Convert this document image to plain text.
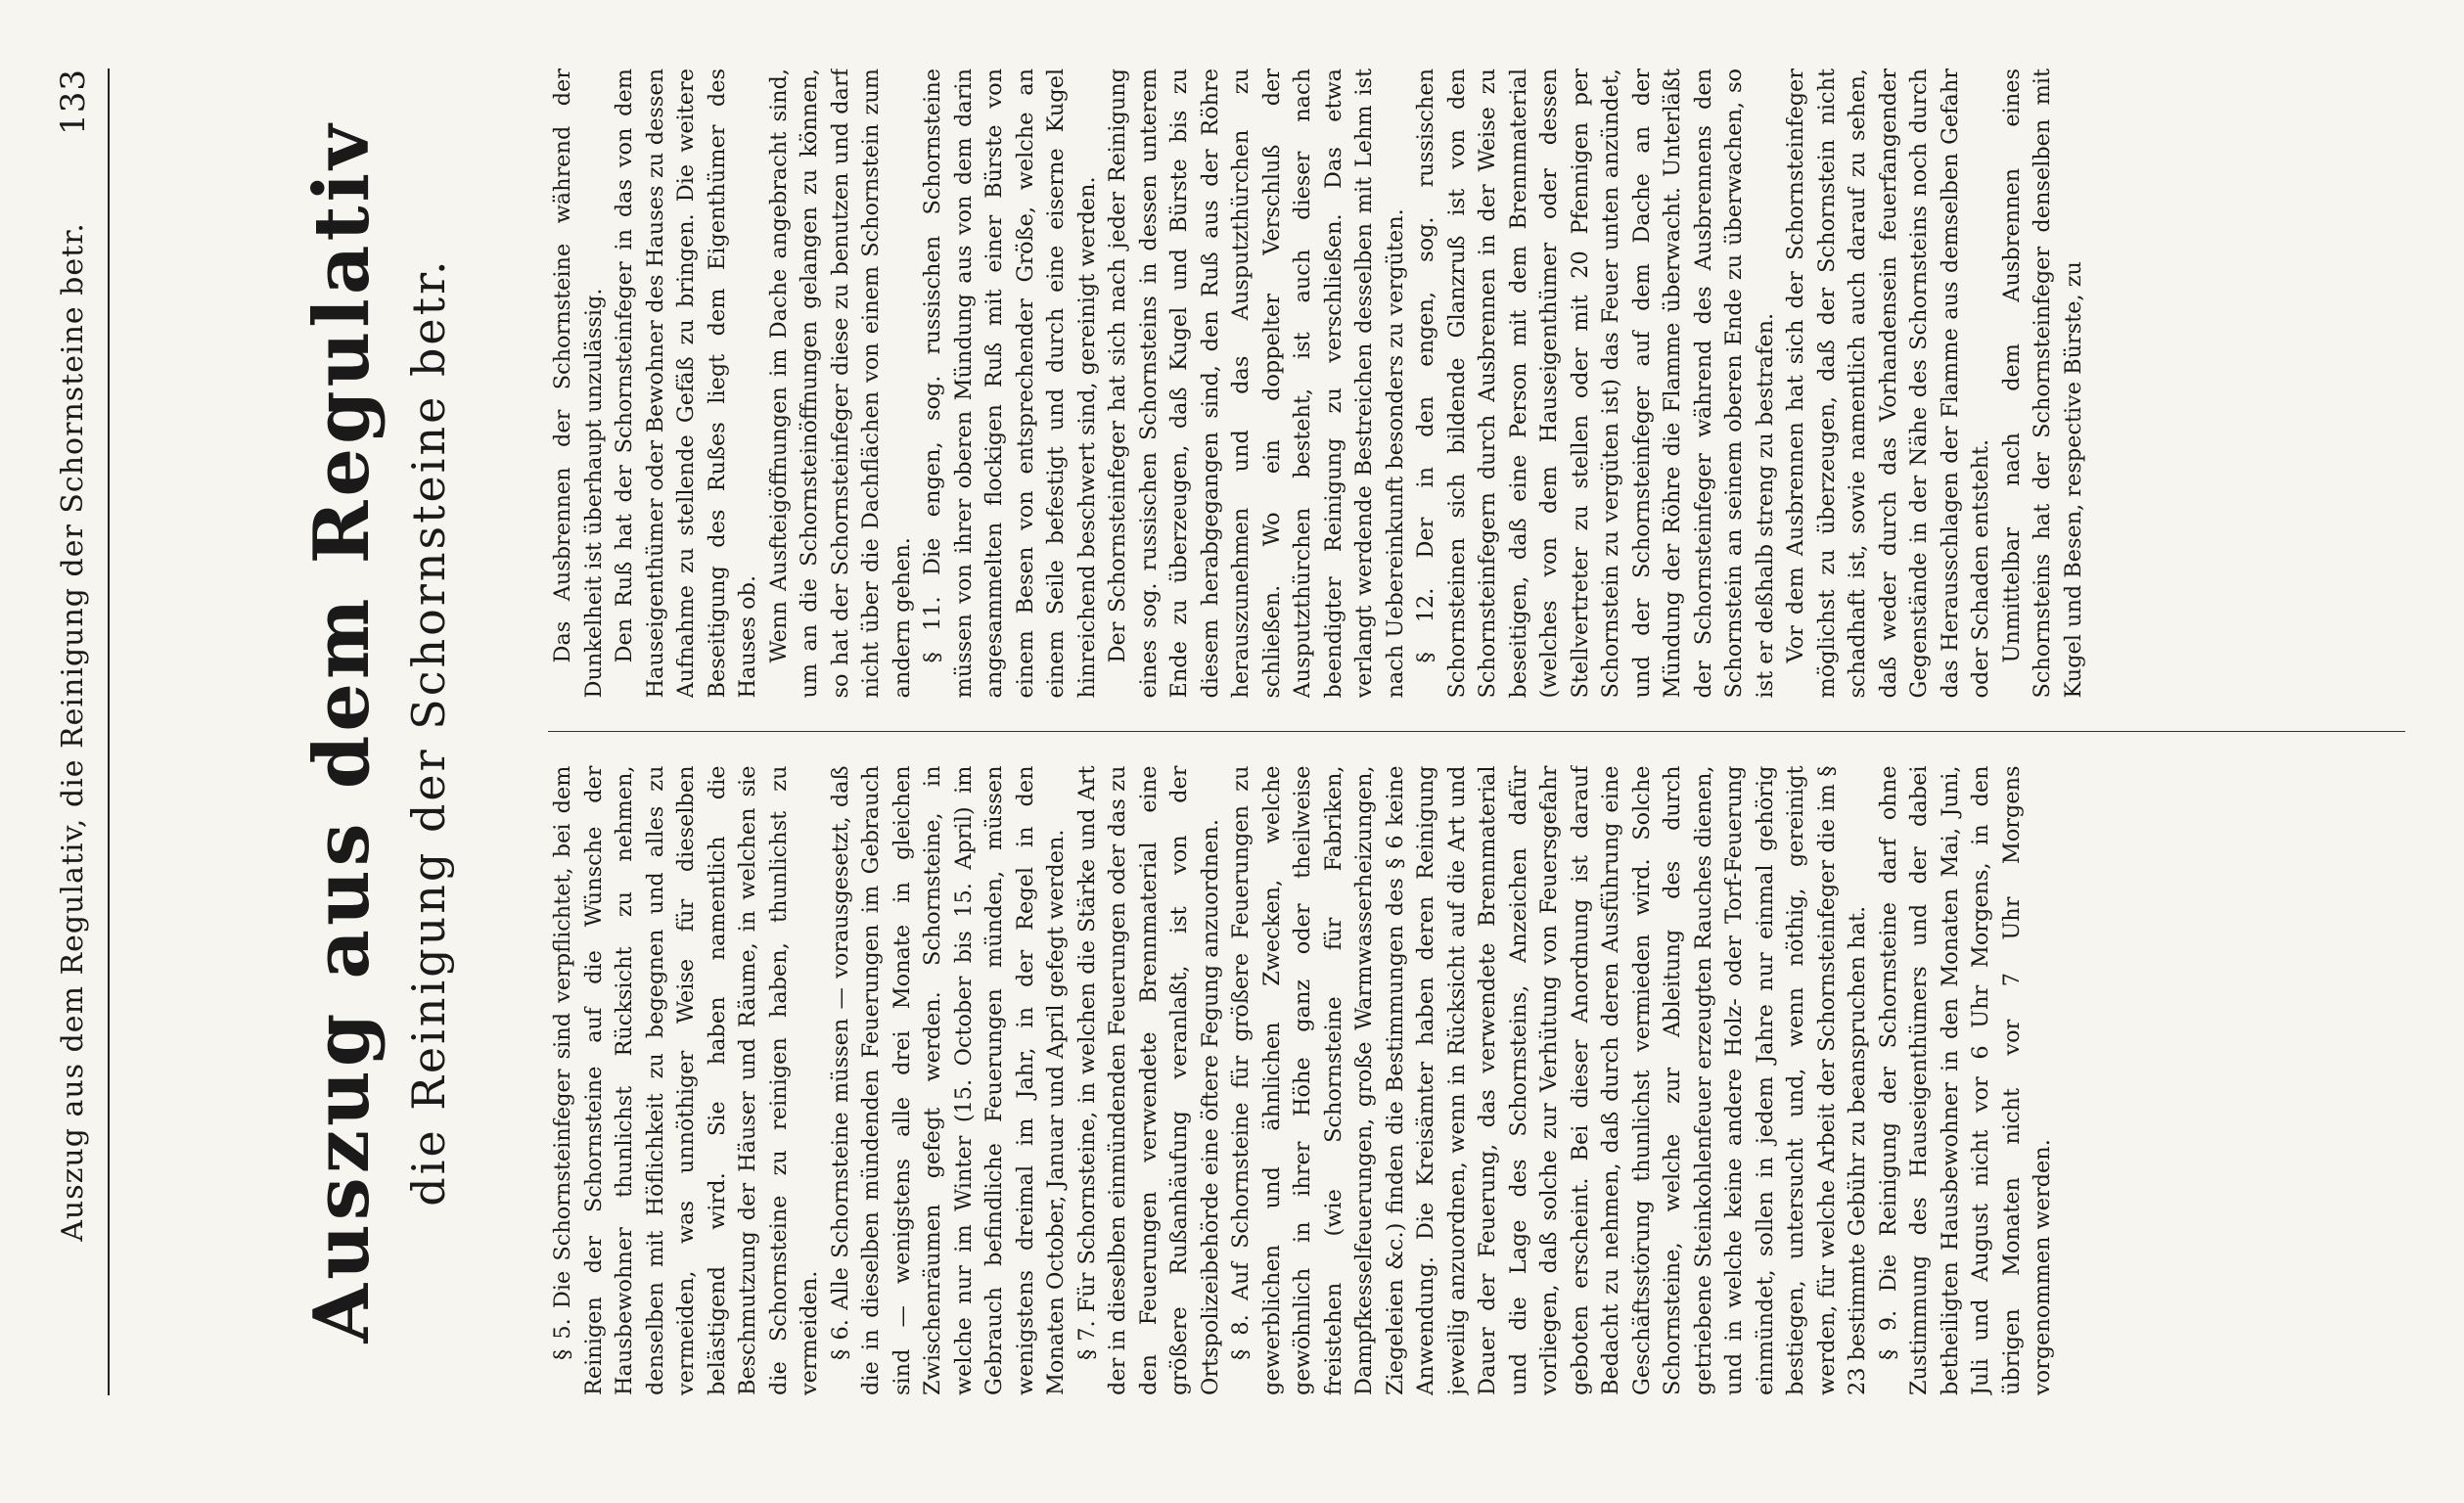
Auszug aus dem Regulativ, die Reinigung der Schornsteine betr.
133
Auszug aus dem Regulativ die Reinigung der Schornsteine betr.	§ 5. Die Schornsteinfeger sind verpflichtet, bei dem Reinigen der Schornsteine auf die Wünsche der Hausbewohner thunlichst Rücksicht zu nehmen, denselben mit Höflichkeit zu begegnen und alles zu vermeiden, was unnöthiger Weise für dieselben belästigend wird. Sie haben namentlich die Beschmutzung der Häuser und Räume, in welchen sie die Schornsteine zu reinigen haben, thunlichst zu vermeiden. § 6. Alle Schornsteine müssen — vorausgesetzt, daß die in dieselben mündenden Feuerungen im Gebrauch sind — wenigstens alle drei Monate in gleichen Zwischenräumen gefegt werden. Schornsteine, in welche nur im Winter (15. October bis 15. April) im Gebrauch befindliche Feuerungen münden, müssen wenigstens dreimal im Jahr, in der Regel in den Monaten October, Januar und April gefegt werden. § 7. Für Schornsteine, in welchen die Stärke und Art der in dieselben einmündenden Feuerungen oder das zu den Feuerungen verwendete Brennmaterial eine größere Rußanhäufung veranlaßt, ist von der Ortspolizeibehörde eine öftere Fegung anzuordnen. § 8. Auf Schornsteine für größere Feuerungen zu gewerblichen und ähnlichen Zwecken, welche gewöhnlich in ihrer Höhe ganz oder theilweise freistehen (wie Schornsteine für Fabriken, Dampfkesselfeuerungen, große Warmwasserheizungen, Ziegeleien &c.) finden die Bestimmungen des § 6 keine Anwendung. Die Kreisämter haben deren Reinigung jeweilig anzuordnen, wenn in Rücksicht auf die Art und Dauer der Feuerung, das verwendete Brennmaterial und die Lage des Schornsteins, Anzeichen dafür vorliegen, daß solche zur Verhütung von Feuersgefahr geboten erscheint. Bei dieser Anordnung ist darauf Bedacht zu nehmen, daß durch deren Ausführung eine Geschäftsstörung thunlichst vermieden wird. Solche Schornsteine, welche zur Ableitung des durch getriebene Steinkohlenfeuer erzeugten Rauches dienen, und in welche keine andere Holz- oder Torf-Feuerung einmündet, sollen in jedem Jahre nur einmal gehörig bestiegen, untersucht und, wenn nöthig, gereinigt werden, für welche Arbeit der Schornsteinfeger die im § 23 bestimmte Gebühr zu beanspruchen hat. § 9. Die Reinigung der Schornsteine darf ohne Zustimmung des Hauseigenthümers und der dabei betheiligten Hausbewohner in den Monaten Mai, Juni, Juli und August nicht vor 6 Uhr Morgens, in den übrigen Monaten nicht vor 7 Uhr Morgens vorgenommen werden.

Das Ausbrennen der Schornsteine während der Dunkelheit ist überhaupt unzulässig. Den Ruß hat der Schornsteinfeger in das von dem Hauseigenthümer oder Bewohner des Hauses zu dessen Aufnahme zu stellende Gefäß zu bringen. Die weitere Beseitigung des Rußes liegt dem Eigenthümer des Hauses ob. Wenn Ausfteigöffnungen im Dache angebracht sind, um an die Schornsteinöffnungen gelangen zu können, so hat der Schornsteinfeger diese zu benutzen und darf nicht über die Dachflächen von einem Schornstein zum andern gehen. § 11. Die engen, sog. russischen Schornsteine müssen von ihrer oberen Mündung aus von dem darin angesammelten flockigen Ruß mit einer Bürste von einem Besen von entsprechender Größe, welche an einem Seile befestigt und durch eine eiserne Kugel hinreichend beschwert sind, gereinigt werden. Der Schornsteinfeger hat sich nach jeder Reinigung eines sog. russischen Schornsteins in dessen unterem Ende zu überzeugen, daß Kugel und Bürste bis zu diesem herabgegangen sind, den Ruß aus der Röhre herauszunehmen und das Ausputzthürchen zu schließen. Wo ein doppelter Verschluß der Ausputzthürchen besteht, ist auch dieser nach beendigter Reinigung zu verschließen. Das etwa verlangt werdende Bestreichen desselben mit Lehm ist nach Uebereinkunft besonders zu vergüten. § 12. Der in den engen, sog. russischen Schornsteinen sich bildende Glanzruß ist von den Schornsteinfegern durch Ausbrennen in der Weise zu beseitigen, daß eine Person mit dem Brennmaterial (welches von dem Hauseigenthümer oder dessen Stellvertreter zu stellen oder mit 20 Pfennigen per Schornstein zu vergüten ist) das Feuer unten anzündet, und der Schornsteinfeger auf dem Dache an der Mündung der Röhre die Flamme überwacht. Unterläßt der Schornsteinfeger während des Ausbrennens den Schornstein an seinem oberen Ende zu überwachen, so ist er deßhalb streng zu bestrafen. Vor dem Ausbrennen hat sich der Schornsteinfeger möglichst zu überzeugen, daß der Schornstein nicht schadhaft ist, sowie namentlich auch darauf zu sehen, daß weder durch das Vorhandensein feuerfangender Gegenstände in der Nähe des Schornsteins noch durch das Herausschlagen der Flamme aus demselben Gefahr oder Schaden entsteht. Unmittelbar nach dem Ausbrennen eines Schornsteins hat der Schornsteinfeger denselben mit Kugel und Besen, respective Bürste, zu
